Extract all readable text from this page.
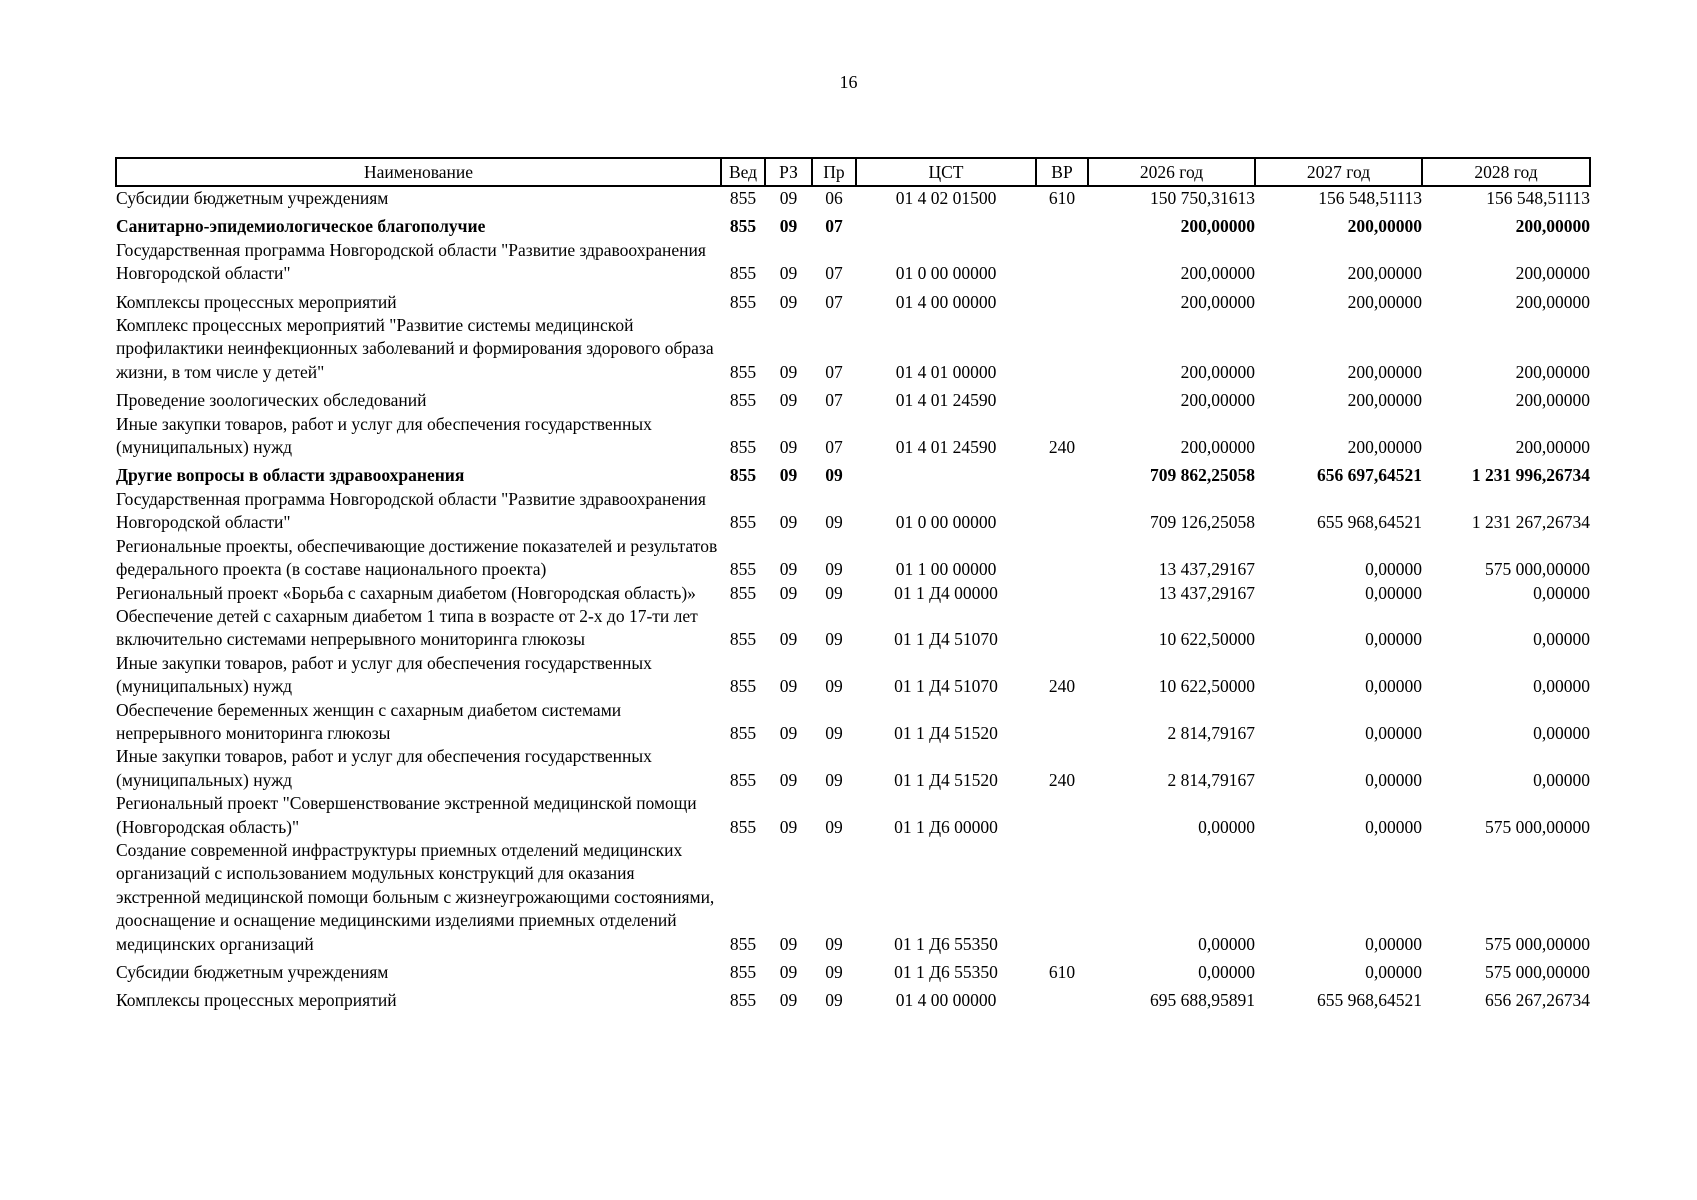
16
Наименование	Вед	РЗ	Пр	ЦСТ	ВР	2026 год	2027 год	2028 год
Субсидии бюджетным учреждениям	855	09	06	01 4 02 01500	610	150 750,31613	156 548,51113	156 548,51113
Санитарно-эпидемиологическое благополучие	855	09	07			200,00000	200,00000	200,00000
Государственная программа Новгородской области "Развитие здравоохранения Новгородской области"	855	09	07	01 0 00 00000		200,00000	200,00000	200,00000
Комплексы процессных мероприятий	855	09	07	01 4 00 00000		200,00000	200,00000	200,00000
Комплекс процессных мероприятий "Развитие системы медицинской профилактики неинфекционных заболеваний и формирования здорового образа жизни, в том числе у детей"	855	09	07	01 4 01 00000		200,00000	200,00000	200,00000
Проведение зоологических обследований	855	09	07	01 4 01 24590		200,00000	200,00000	200,00000
Иные закупки товаров, работ и услуг для обеспечения государственных (муниципальных) нужд	855	09	07	01 4 01 24590	240	200,00000	200,00000	200,00000
Другие вопросы в области здравоохранения	855	09	09			709 862,25058	656 697,64521	1 231 996,26734
Государственная программа Новгородской области "Развитие здравоохранения Новгородской области"	855	09	09	01 0 00 00000		709 126,25058	655 968,64521	1 231 267,26734
Региональные проекты, обеспечивающие достижение показателей и результатов федерального проекта (в составе национального проекта)	855	09	09	01 1 00 00000		13 437,29167	0,00000	575 000,00000
Региональный проект «Борьба с сахарным диабетом (Новгородская область)»	855	09	09	01 1 Д4 00000		13 437,29167	0,00000	0,00000
Обеспечение детей с сахарным диабетом 1 типа в возрасте от 2-х до 17-ти лет включительно системами непрерывного мониторинга глюкозы	855	09	09	01 1 Д4 51070		10 622,50000	0,00000	0,00000
Иные закупки товаров, работ и услуг для обеспечения государственных (муниципальных) нужд	855	09	09	01 1 Д4 51070	240	10 622,50000	0,00000	0,00000
Обеспечение беременных женщин с сахарным диабетом системами непрерывного мониторинга глюкозы	855	09	09	01 1 Д4 51520		2 814,79167	0,00000	0,00000
Иные закупки товаров, работ и услуг для обеспечения государственных (муниципальных) нужд	855	09	09	01 1 Д4 51520	240	2 814,79167	0,00000	0,00000
Региональный проект "Совершенствование экстренной медицинской помощи (Новгородская область)"	855	09	09	01 1 Д6 00000		0,00000	0,00000	575 000,00000
Создание современной инфраструктуры приемных отделений медицинских организаций с использованием модульных конструкций для оказания экстренной медицинской помощи больным с жизнеугрожающими состояниями, дооснащение и оснащение медицинскими изделиями приемных отделений медицинских организаций	855	09	09	01 1 Д6 55350		0,00000	0,00000	575 000,00000
Субсидии бюджетным учреждениям	855	09	09	01 1 Д6 55350	610	0,00000	0,00000	575 000,00000
Комплексы процессных мероприятий	855	09	09	01 4 00 00000		695 688,95891	655 968,64521	656 267,26734
